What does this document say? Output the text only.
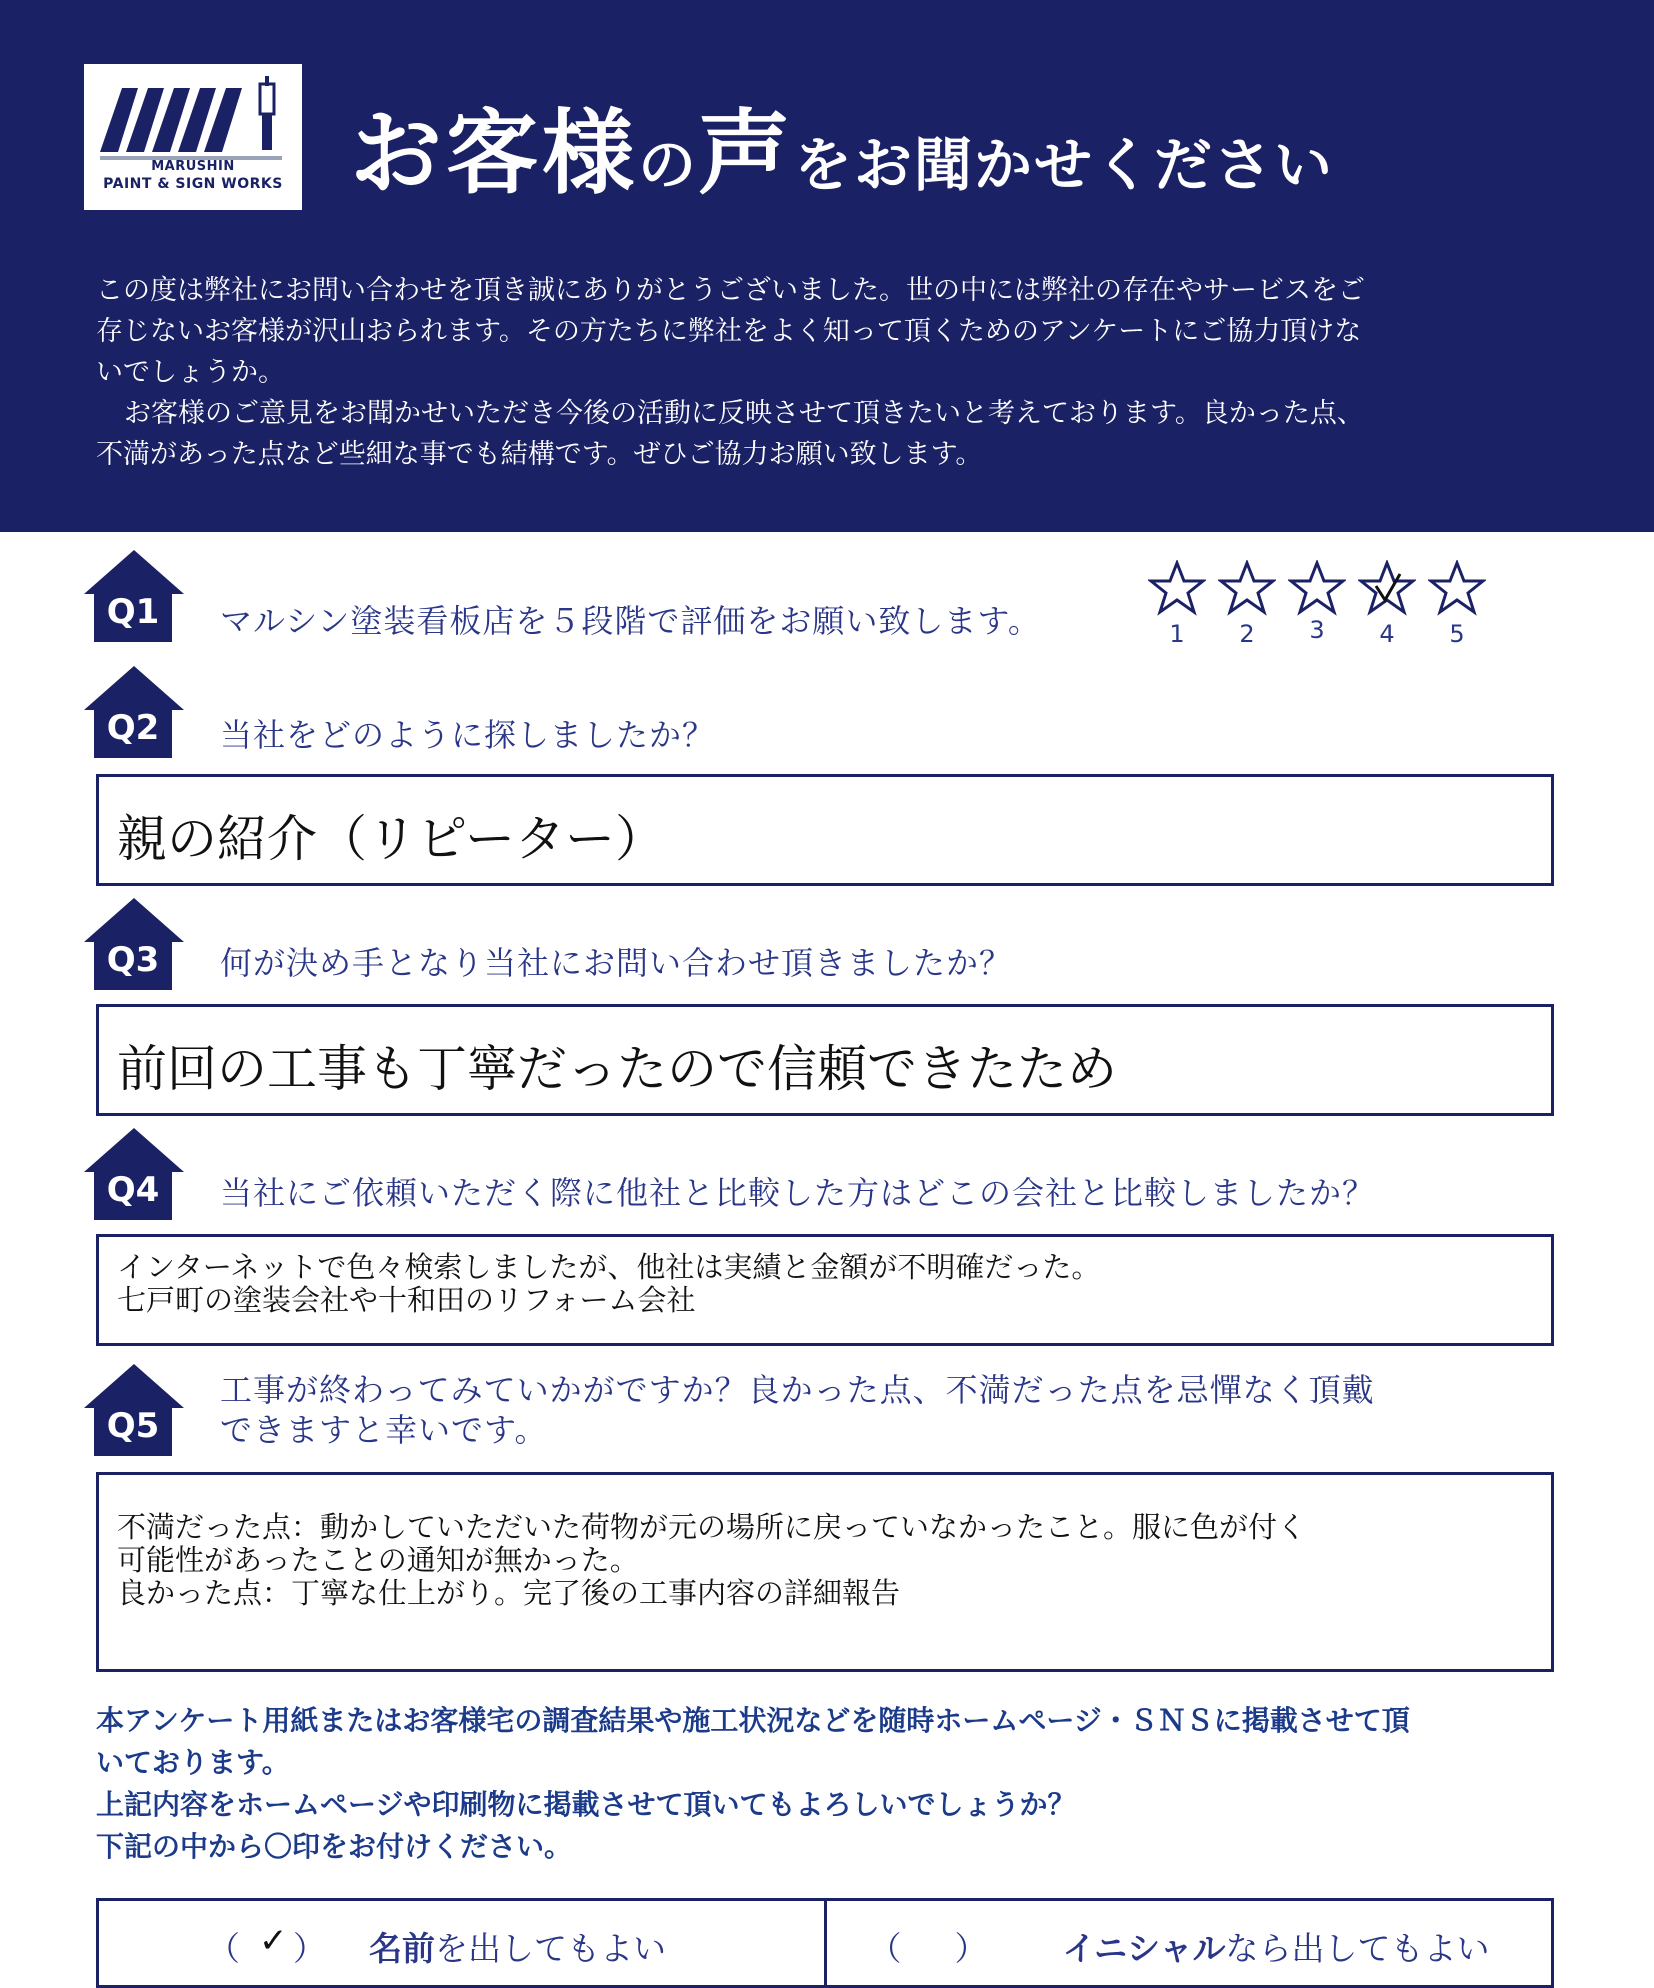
MARUSHIN
PAINT & SIGN WORKS お客様の声をお聞かせください

この度は弊社にお問い合わせを頂き誠にありがとうございました。世の中には弊社の存在やサービスをご

存じないお客様が沢山おられます。その方たちに弊社をよく知って頂くためのアンケートにご協力頂けな

いでしょうか。

お客様のご意見をお聞かせいただき今後の活動に反映させて頂きたいと考えております。良かった点、

不満があった点など些細な事でも結構です。ぜひご協力お願い致します。

Q1 マルシン塗装看板店を５段階で評価をお願い致します。	1	2	3	4	5
Q2 当社をどのように探しましたか？
親の紹介（リピーター）
Q3 何が決め手となり当社にお問い合わせ頂きましたか？
前回の工事も丁寧だったので信頼できたため
Q4 当社にご依頼いただく際に他社と比較した方はどこの会社と比較しましたか？
インターネットで色々検索しましたが、他社は実績と金額が不明確だった。
七戸町の塗装会社や十和田のリフォーム会社
Q5
工事が終わってみていかがですか？良かった点、不満だった点を忌憚なく頂戴
できますと幸いです。
不満だった点：動かしていただいた荷物が元の場所に戻っていなかったこと。服に色が付く
可能性があったことの通知が無かった。
良かった点：丁寧な仕上がり。完了後の工事内容の詳細報告
本アンケート用紙またはお客様宅の調査結果や施工状況などを随時ホームページ・ＳＮＳに掲載させて頂
いております。
上記内容をホームページや印刷物に掲載させて頂いてもよろしいでしょうか？
下記の中から〇印をお付けください。
（ ✓ ） 名前を出してもよい	（ ） イニシャルなら出してもよい
